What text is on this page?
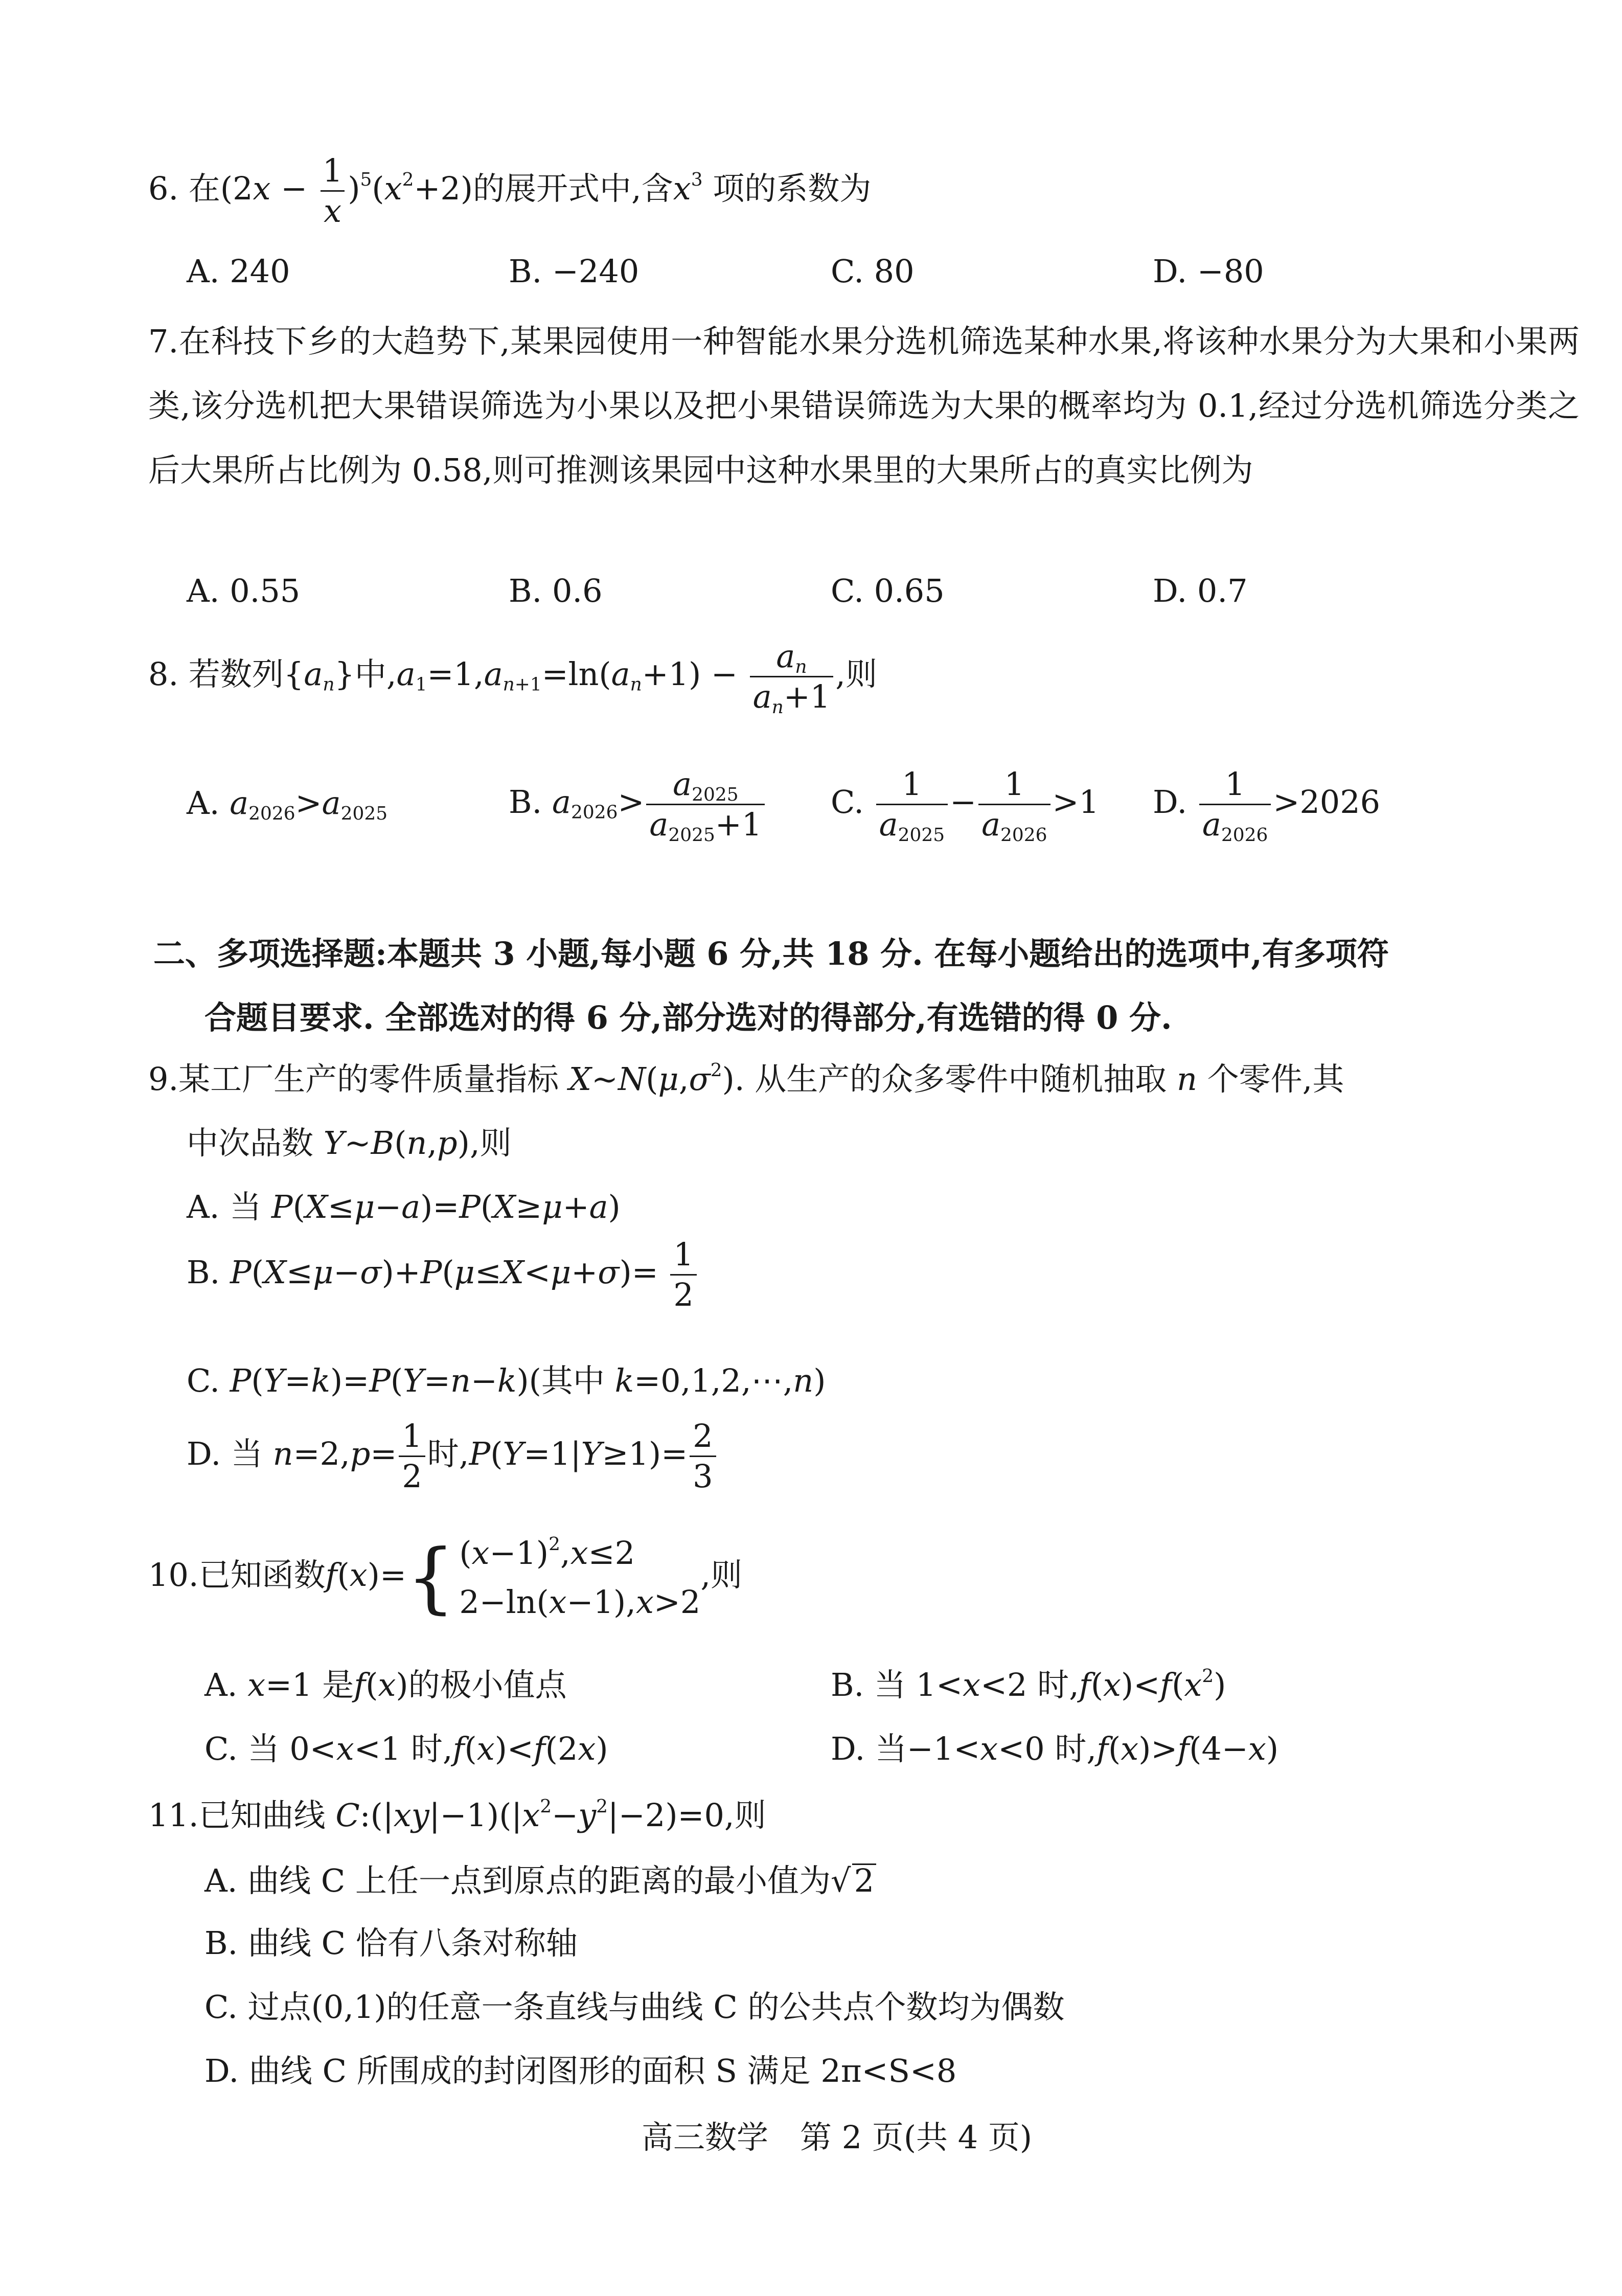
6. 在$(2x - \frac{1}{x} )^5(x^2+2)$的展开式中,含$x^3$ 项的系数为
A. 240	B. −240	C. 80	D. −80
7.在科技下乡的大趋势下,某果园使用一种智能水果分选机筛选某种水果,将该种水果分为大果和小果两类,该分选机把大果错误筛选为小果以及把小果错误筛选为大果的概率均为 0.1,经过分选机筛选分类之后大果所占比例为 0.58,则可推测该果园中这种水果里的大果所占的真实比例为
A. 0.55	B. 0.6	C. 0.65	D. 0.7
8. 若数列$\{a_n\}$中$,a_1=1,a_{n+1}=\ln(a_n+1) - \frac{a_n}{a_n+1}$ ,则
A. $a_{2026}>a_{2025}$	B. $a_{2026}> \frac{a_{2025}}{a_{2025}+1} C$. $\frac{1}{a_{2025}} - \frac{1}{a_{2026}} >1$ D. $\frac{1}{a_{2026}} >2026$
二、多项选择题:本题共 3 小题,每小题 6 分,共 18 分. 在每小题给出的选项中,有多项符
合题目要求. 全部选对的得 6 分,部分选对的得部分,有选错的得 0 分.
9.某工厂生产的零件质量指标 $X\sim N(\mu,\sigma^2)$. 从生产的众多零件中随机抽取 n 个零件,其
中次品数 Y~B(n,p),则
A. 当 P(X≤μ−a)=P(X≥μ+a)
B. $P(X\le\mu-\sigma)+P(\mu\le X<\mu+\sigma)= \frac{1}{2}$
C. P(Y=k)=P(Y=n−k)(其中 k=0,1,2,⋯,n)
D. 当 $n=2,p= \frac{1}{2}$ 时$,P(Y=1|Y\ge 1)= \frac{2}{3}$
10.已知函数f(x)={ $(x-1)^2,x\le 2$
2−ln(x−1),x>2
,则
A. x=1 是f(x)的极小值点	B. 当 1<x<2 时$,f(x)<f(x^2)$
C. 当 0<x<1 时,f(x)<f(2x)	D. 当−1<x<0 时,f(x)>f(4−x)
11.已知曲线 $C:(|xy|-1)(|x^2-y^2|-2)=0$,则
A. 曲线 C 上任一点到原点的距离的最小值为√2
B. 曲线 C 恰有八条对称轴
C. 过点(0,1)的任意一条直线与曲线 C 的公共点个数均为偶数
D. 曲线 C 所围成的封闭图形的面积 S 满足 2π<S<8
高三数学　第 2 页(共 4 页)
